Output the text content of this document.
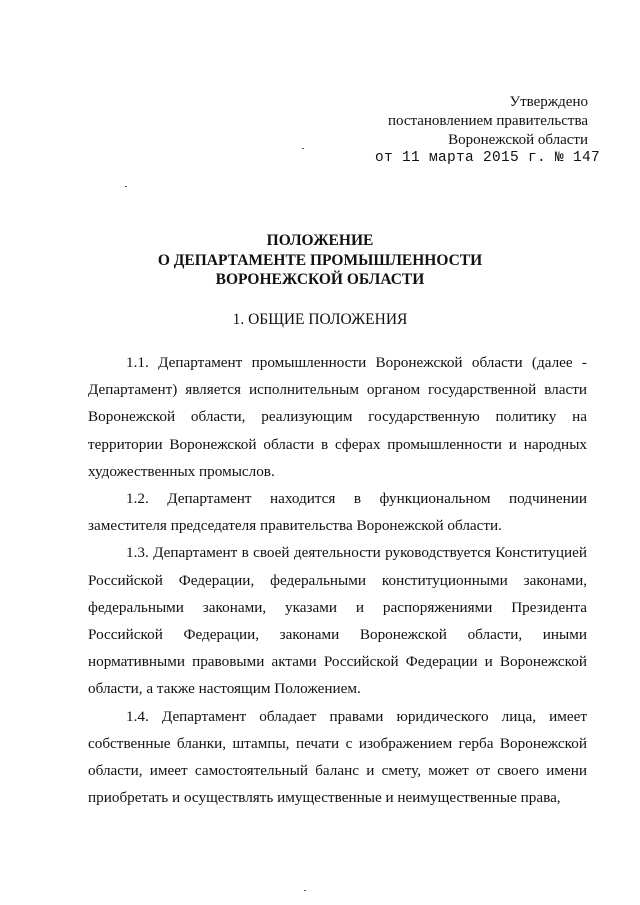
Утверждено
постановлением правительства
Воронежской области
от 11 марта 2015 г. № 147
ПОЛОЖЕНИЕ
О ДЕПАРТАМЕНТЕ ПРОМЫШЛЕННОСТИ
ВОРОНЕЖСКОЙ ОБЛАСТИ
1. ОБЩИЕ ПОЛОЖЕНИЯ

1.1. Департамент промышленности Воронежской области (далее - Департамент) является исполнительным органом государственной власти Воронежской области, реализующим государственную политику на территории Воронежской области в сферах промышленности и народных художественных промыслов.

1.2. Департамент находится в функциональном подчинении заместителя председателя правительства Воронежской области.

1.3. Департамент в своей деятельности руководствуется Конституцией Российской Федерации, федеральными конституционными законами, федеральными законами, указами и распоряжениями Президента Российской Федерации, законами Воронежской области, иными нормативными правовыми актами Российской Федерации и Воронежской области, а также настоящим Положением.

1.4. Департамент обладает правами юридического лица, имеет собственные бланки, штампы, печати с изображением герба Воронежской области, имеет самостоятельный баланс и смету, может от своего имени приобретать и осуществлять имущественные и неимущественные права,
